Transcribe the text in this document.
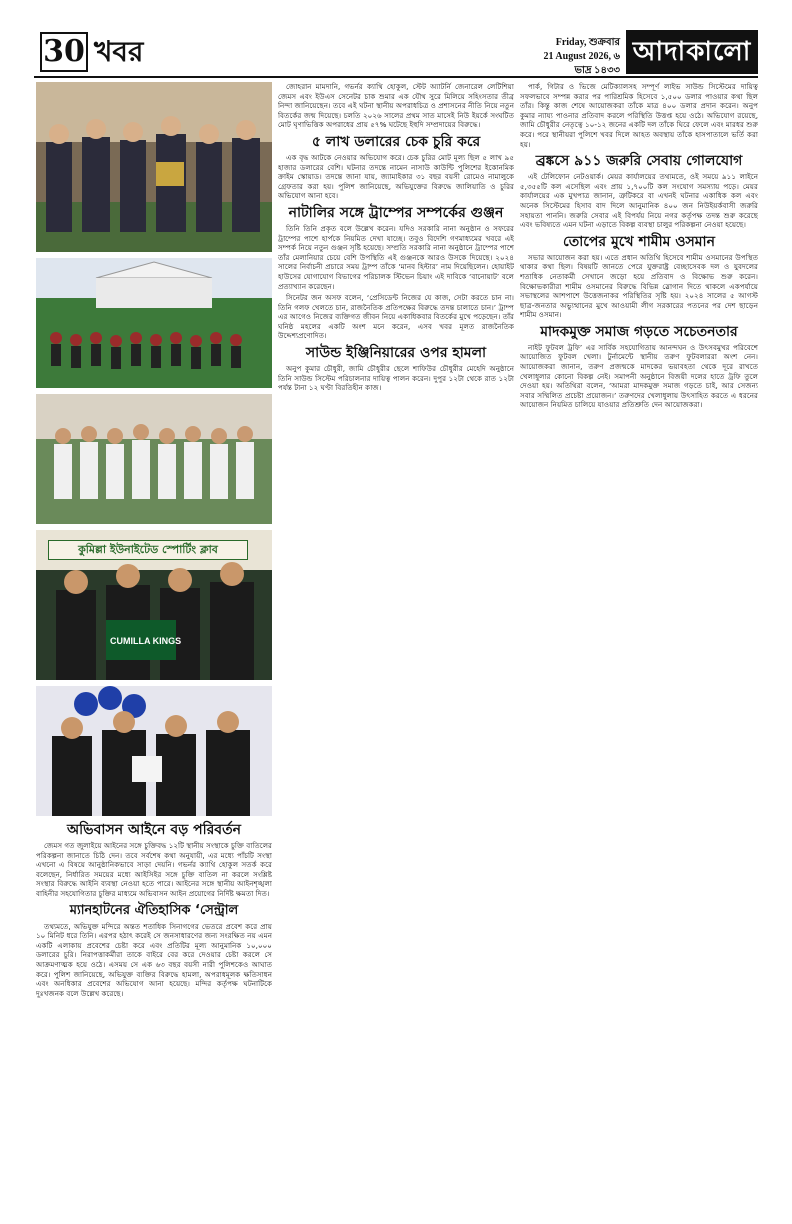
30 খবর	Friday, শুক্রবার
21 August 2026, ৬ ভাদ্র ১৪৩৩
আদাকালো
কুমিল্লা ইউনাইটেড স্পোর্টিং ক্লাব
CUMILLA KINGS
অভিবাসন আইনে বড় পরিবর্তন

জেমস গত জুলাইয়ে আইনের সঙ্গে চুক্তিবদ্ধ ১২টি স্থানীয় সংস্থাকে চুক্তি বাতিলের পরিকল্পনা জানাতে চিঠি দেন। তবে সর্বশেষ কথা অনুযায়ী, এর মধ্যে পাঁচটি সংস্থা এখনো এ বিষয়ে আনুষ্ঠানিকভাবে সাড়া দেয়নি। গভর্নর ক্যাথি হোকুল সতর্ক করে বলেছেন, নির্ধারিত সময়ের মধ্যে আইসিইর সঙ্গে চুক্তি বাতিল না করলে সংশ্লিষ্ট সংস্থার বিরুদ্ধে আইনি ব্যবস্থা নেওয়া হতে পারে। আইনের সঙ্গে স্থানীয় আইনশৃঙ্খলা বাহিনীর সহযোগিতার চুক্তির মাধ্যমে অভিবাসন আইন প্রয়োগের নির্দিষ্ট ক্ষমতা দিত।

ম্যানহাটনের ঐতিহাসিক ‘সেন্ট্রাল

তথ্যমতে, অভিযুক্ত মন্দিরে অন্তত শতাধিক সিনাগগের ভেতরে প্রবেশ করে প্রায় ১০ মিনিট ধরে তিনি। এরপর হঠাৎ করেই সে জনসাধারণের জন্য সংরক্ষিত নয় এমন একটি এলাকায় প্রবেশের চেষ্টা করে এবং প্রতিটির মূল্য আনুমানিক ১০,০০০ ডলারের চুরি। নিরাপত্তাকর্মীরা তাকে বাইরে বের করে দেওয়ার চেষ্টা করলে সে আক্রমণাত্মক হয়ে ওঠে। এসময় সে এক ৬৩ বছর বয়সী নারী পুলিশকেও আঘাত করে। পুলিশ জানিয়েছে, অভিযুক্ত ব্যক্তির বিরুদ্ধে হামলা, অপরাধমূলক ক্ষতিসাধন এবং অনধিকার প্রবেশের অভিযোগ আনা হয়েছে। মন্দির কর্তৃপক্ষ ঘটনাটিকে দুঃখজনক বলে উল্লেখ করেছে।

জোহরান মামদানি, গভর্নর ক্যাথি হোকুল, স্টেট অ্যাটর্নি জেনারেল লেটিশিয়া জেমস এবং ইউএস সেনেটর চাক শুমার এক যৌথ সুরে মিলিয়ে সহিংসতার তীব্র নিন্দা জানিয়েছেন। তবে এই ঘটনা স্থানীয় অপরাধচিত্র ও প্রশাসনের নীতি নিয়ে নতুন বিতর্কের জন্ম দিয়েছে। চলতি ২০২৬ সালের প্রথম সাত মাসেই নিউ ইয়র্কে সংঘটিত মোট ঘৃণাভিত্তিক অপরাধের প্রায় ৫৭% ঘটেছে ইহুদি সম্প্রদায়ের বিরুদ্ধে।

৫ লাখ ডলারের চেক চুরি করে

এক বৃদ্ধ আটকে নেওয়ার অভিযোগ করে। চেক চুরির মোট মূল্য ছিল ৫ লাখ ৯৫ হাজার ডলারের বেশি। ঘটনার তদন্তে নামেন নাসাউ কাউন্টি পুলিশের ইকোনমিক ক্রাইম স্কোয়াড। তদন্তে জানা যায়, জ্যামাইকার ৩১ বছর বয়সী রোমেও নামালুকে গ্রেফতার করা হয়। পুলিশ জানিয়েছে, অভিযুক্তের বিরুদ্ধে জালিয়াতি ও চুরির অভিযোগ আনা হবে।

নাটালির সঙ্গে ট্রাম্পের সম্পর্কের গুঞ্জন

তিনি তিনি প্রকৃত বলে উল্লেখ করেন। যদিও সরকারি নানা অনুষ্ঠান ও সফরের ট্রাম্পের পাশে হার্পকে নিয়মিত দেখা যাচ্ছে। তবুও বিদেশি গণমাধ্যমের খবরে এই সম্পর্ক নিয়ে নতুন গুঞ্জন সৃষ্টি হয়েছে। সম্প্রতি সরকারি নানা অনুষ্ঠানে ট্রাম্পের পাশে তাঁর মেলানিয়ার চেয়ে বেশি উপস্থিতি এই গুঞ্জনকে আরও উসকে দিয়েছে। ২০২৪ সালের নির্বাচনী প্রচারে সময় ট্রাম্প তাঁকে ‘মানব হিল্টার’ নাম দিয়েছিলেন। হোয়াইট হাউসের যোগাযোগ বিভাগের পরিচালক স্টিভেন চিয়াং এই দাবিকে ‘বানোয়াট’ বলে প্রত্যাখ্যান করেছেন।

সিনেটর জন অসফ বলেন, ‘প্রেসিডেন্ট নিজের যে কাজ, সেটা করতে চান না। তিনি গলফ খেলতে চান, রাজনৈতিক প্রতিপক্ষের বিরুদ্ধে তদন্ত চালাতে চান।’ ট্রাম্প এর আগেও নিজের ব্যক্তিগত জীবন নিয়ে একাধিকবার বিতর্কের মুখে পড়েছেন। তাঁর ঘনিষ্ঠ মহলের একটি অংশ মনে করেন, এসব খবর মূলত রাজনৈতিক উদ্দেশ্যপ্রণোদিত।

সাউন্ড ইঞ্জিনিয়ারের ওপর হামলা

অনুপ কুমার চৌধুরী, জামি চৌধুরীর ছেলে শাফিউর চৌধুরীর মেহেদি অনুষ্ঠানে তিনি সাউন্ড সিস্টেম পরিচালনার দায়িত্ব পালন করেন। দুপুর ১২টা থেকে রাত ১২টা পর্যন্ত টানা ১২ ঘণ্টা বিরতিহীন কাজ।

পার্ক, গিটার ও ভিজে মেটিক্যালসহ সম্পূর্ণ লাইভ সাউন্ড সিস্টেমের দায়িত্ব সফলভাবে সম্পন্ন করার পর পারিশ্রমিক হিসেবে ১,৫০০ ডলার পাওয়ার কথা ছিল তাঁর। কিন্তু কাজ শেষে আয়োজকরা তাঁকে মাত্র ৪০০ ডলার প্রদান করেন। অনুপ কুমার ন্যায্য পাওনার প্রতিবাদ করলে পরিস্থিতি উত্তপ্ত হয়ে ওঠে। অভিযোগ রয়েছে, জামি চৌধুরীর নেতৃত্বে ১০-১২ জনের একটি দল তাঁকে ঘিরে ফেলে এবং মারধর শুরু করে। পরে স্থানীয়রা পুলিশে খবর দিলে আহত অবস্থায় তাঁকে হাসপাতালে ভর্তি করা হয়।

ব্রঙ্কসে ৯১১ জরুরি সেবায় গোলযোগ

এই টেলিফোন নেটওয়ার্ক। মেয়র কার্যালয়ের তথ্যমতে, ওই সময়ে ৯১১ লাইনে ৫,৩৫৫টি কল এসেছিল এবং প্রায় ১,৭০০টি কল সংযোগ সমস্যায় পড়ে। মেয়র কার্যালয়ের এক মুখপাত্র জানান, ত্রুটিকরে বা এখনই ঘটনার একাধিক কল এবং অনেক সিস্টেমের হিসাব বাদ দিলে আনুমানিক ৪০০ জন নিউইয়র্কবাসী জরুরি সহায়তা পাননি। জরুরি সেবার এই বিপর্যয় নিয়ে নগর কর্তৃপক্ষ তদন্ত শুরু করেছে এবং ভবিষ্যতে এমন ঘটনা এড়াতে বিকল্প ব্যবস্থা চালুর পরিকল্পনা নেওয়া হয়েছে।

তোপের মুখে শামীম ওসমান

সভার আয়োজন করা হয়। এতে প্রধান অতিথি হিসেবে শামীম ওসমানের উপস্থিত থাকার কথা ছিল। বিষয়টি জানতে পেরে যুক্তরাষ্ট্র বেচ্ছাসেবক দল ও যুবদলের শতাধিক নেতাকর্মী সেখানে জড়ো হয়ে প্রতিবাদ ও বিক্ষোভ শুরু করেন। বিক্ষোভকারীরা শামীম ওসমানের বিরুদ্ধে বিভিন্ন স্লোগান দিতে থাকলে একপর্যায়ে সভাস্থলের আশপাশে উত্তেজনাকর পরিস্থিতির সৃষ্টি হয়। ২০২৪ সালের ৫ আগস্ট ছাত্র-জনতার অভ্যুত্থানের মুখে আওয়ামী লীগ সরকারের পতনের পর দেশ ছাড়েন শামীম ওসমান।

মাদকমুক্ত সমাজ গড়তে সচেতনতার

নাইট ফুটবল ট্রফি’ এর সার্বিক সহযোগিতায় আনন্দঘন ও উৎসবমুখর পরিবেশে আয়োজিত ফুটবল খেলা। টুর্নামেন্টে স্থানীয় তরুণ ফুটবলাররা অংশ নেন। আয়োজকরা জানান, তরুণ প্রজন্মকে মাদকের ভয়াবহতা থেকে দূরে রাখতে খেলাধুলার কোনো বিকল্প নেই। সমাপনী অনুষ্ঠানে বিজয়ী দলের হাতে ট্রফি তুলে দেওয়া হয়। অতিথিরা বলেন, ‘আমরা মাদকমুক্ত সমাজ গড়তে চাই, আর সেজন্য সবার সম্মিলিত প্রচেষ্টা প্রয়োজন।’ তরুণদের খেলাধুলায় উৎসাহিত করতে এ ধরনের আয়োজন নিয়মিত চালিয়ে যাওয়ার প্রতিশ্রুতি দেন আয়োজকরা।
